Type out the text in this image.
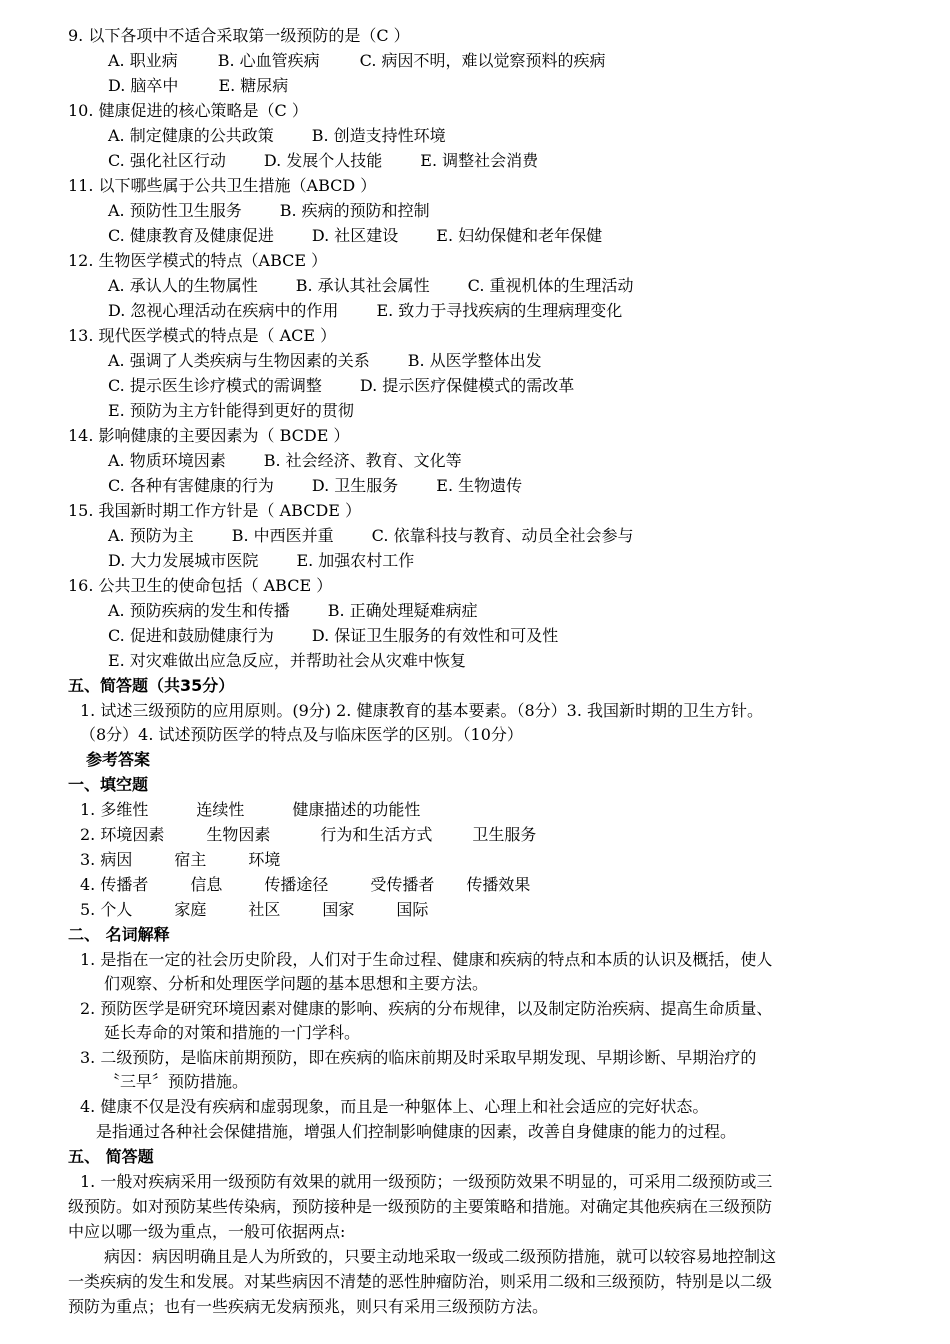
9. 以下各项中不适合采取第一级预防的是（C ）
A. 职业病	B. 心血管疾病	C. 病因不明，难以觉察预料的疾病
D. 脑卒中	E. 糖尿病
10. 健康促进的核心策略是（C ）
A. 制定健康的公共政策 B. 创造支持性环境
C. 强化社区行动 D. 发展个人技能 E. 调整社会消费
11. 以下哪些属于公共卫生措施（ABCD ）
A. 预防性卫生服务 B. 疾病的预防和控制
C. 健康教育及健康促进 D. 社区建设 E. 妇幼保健和老年保健
12. 生物医学模式的特点（ABCE ）
A. 承认人的生物属性 B. 承认其社会属性 C. 重视机体的生理活动
D. 忽视心理活动在疾病中的作用 E. 致力于寻找疾病的生理病理变化
13. 现代医学模式的特点是（ ACE ）
A. 强调了人类疾病与生物因素的关系 B. 从医学整体出发
C. 提示医生诊疗模式的需调整 D. 提示医疗保健模式的需改革
E. 预防为主方针能得到更好的贯彻
14. 影响健康的主要因素为（ BCDE ）
A. 物质环境因素 B. 社会经济、教育、文化等
C. 各种有害健康的行为 D. 卫生服务 E. 生物遗传
15. 我国新时期工作方针是（ ABCDE ）
A. 预防为主 B. 中西医并重 C. 依靠科技与教育、动员全社会参与
D. 大力发展城市医院 E. 加强农村工作
16. 公共卫生的使命包括（ ABCE ）
A. 预防疾病的发生和传播 B. 正确处理疑难病症
C. 促进和鼓励健康行为 D. 保证卫生服务的有效性和可及性
E. 对灾难做出应急反应，并帮助社会从灾难中恢复
五、简答题（共35分）
1. 试述三级预防的应用原则。(9分) 2. 健康教育的基本要素。（8分）3. 我国新时期的卫生方针。
（8分）4. 试述预防医学的特点及与临床医学的区别。（10分）
参考答案
一、填空题
1. 多维性	连续性	健康描述的功能性
2. 环境因素	生物因素	行为和生活方式	卫生服务
3. 病因	宿主	环境
4. 传播者	信息	传播途径	受传播者 传播效果
5. 个人	家庭	社区	国家	国际
二、 名词解释
1. 是指在一定的社会历史阶段，人们对于生命过程、健康和疾病的特点和本质的认识及概括，使人
们观察、分析和处理医学问题的基本思想和主要方法。
2. 预防医学是研究环境因素对健康的影响、疾病的分布规律，以及制定防治疾病、提高生命质量、
延长寿命的对策和措施的一门学科。
3. 二级预防，是临床前期预防，即在疾病的临床前期及时采取早期发现、早期诊断、早期治疗的
〝三早〞预防措施。
4. 健康不仅是没有疾病和虚弱现象，而且是一种躯体上、心理上和社会适应的完好状态。
是指通过各种社会保健措施，增强人们控制影响健康的因素，改善自身健康的能力的过程。
五、 简答题
1. 一般对疾病采用一级预防有效果的就用一级预防；一级预防效果不明显的，可采用二级预防或三
级预防。如对预防某些传染病，预防接种是一级预防的主要策略和措施。对确定其他疾病在三级预防
中应以哪一级为重点，一般可依据两点:
病因：病因明确且是人为所致的，只要主动地采取一级或二级预防措施，就可以较容易地控制这
一类疾病的发生和发展。对某些病因不清楚的恶性肿瘤防治，则采用二级和三级预防，特别是以二级
预防为重点；也有一些疾病无发病预兆，则只有采用三级预防方法。
